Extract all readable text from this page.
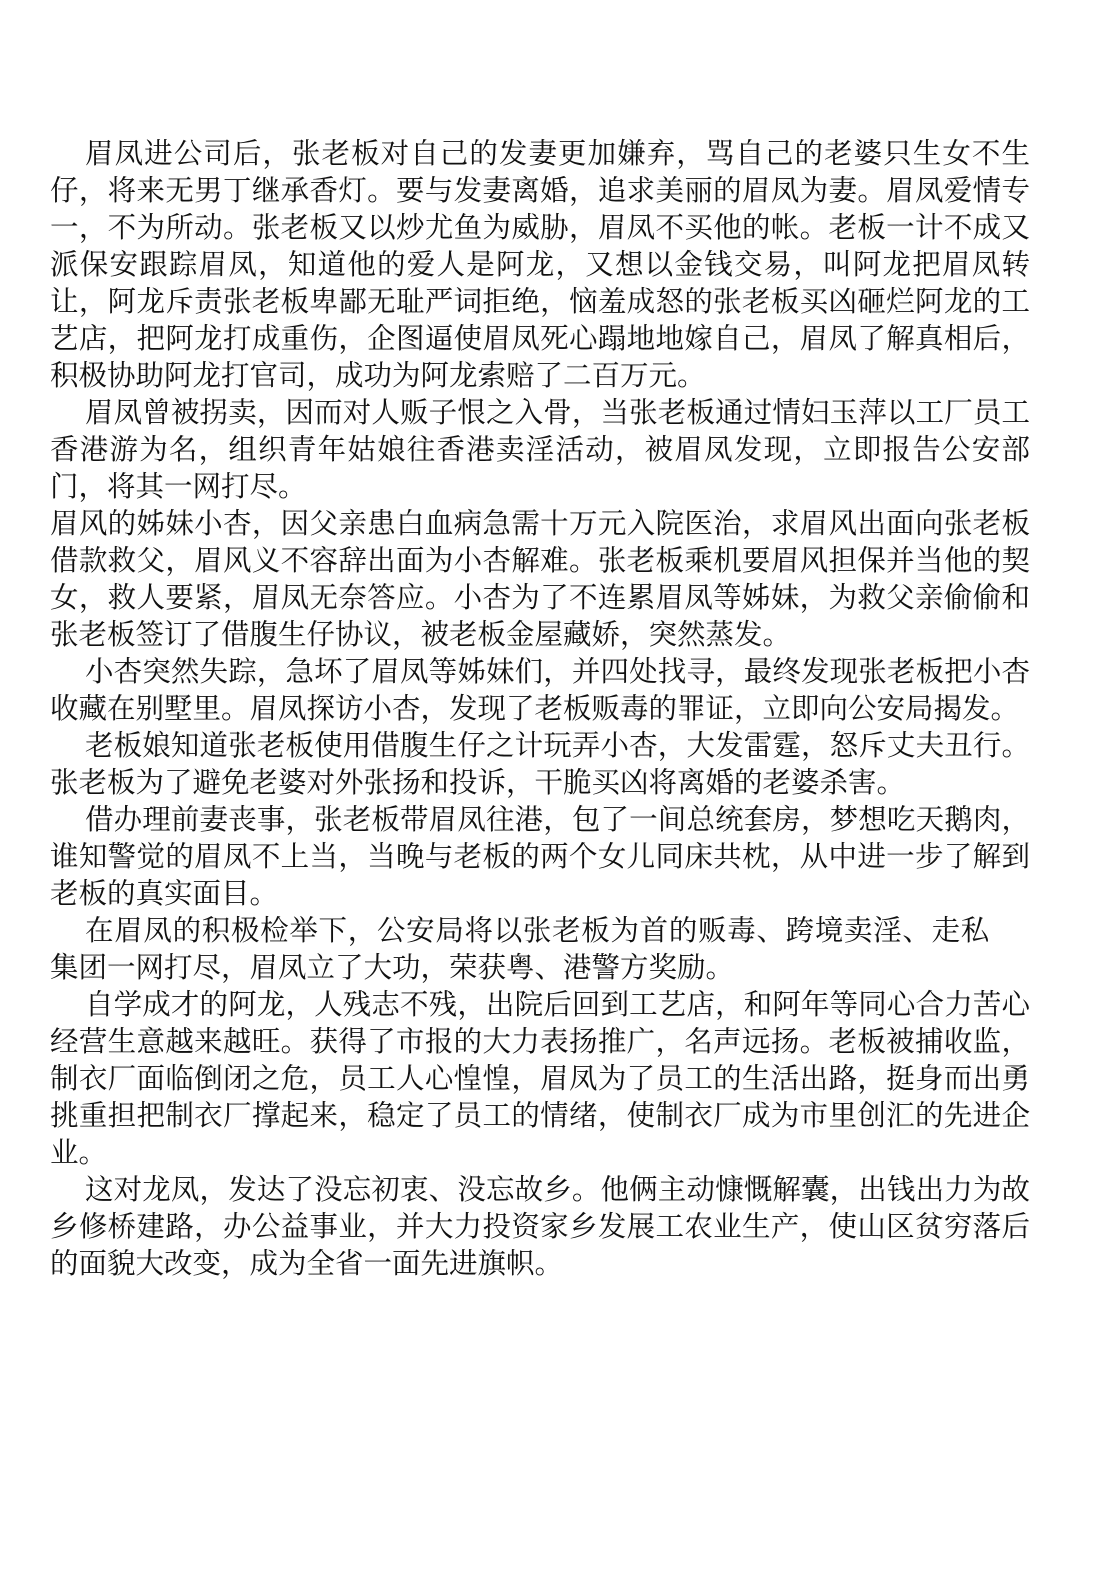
眉凤进公司后，张老板对自己的发妻更加嫌弃，骂自己的老婆只生女不生仔，将来无男丁继承香灯。要与发妻离婚，追求美丽的眉凤为妻。眉凤爱情专一，不为所动。张老板又以炒尤鱼为威胁，眉凤不买他的帐。老板一计不成又派保安跟踪眉凤，知道他的爱人是阿龙，又想以金钱交易，叫阿龙把眉凤转让，阿龙斥责张老板卑鄙无耻严词拒绝，恼羞成怒的张老板买凶砸烂阿龙的工艺店，把阿龙打成重伤，企图逼使眉凤死心蹋地地嫁自己，眉凤了解真相后，积极协助阿龙打官司，成功为阿龙索赔了二百万元。

眉凤曾被拐卖，因而对人贩子恨之入骨，当张老板通过情妇玉萍以工厂员工香港游为名，组织青年姑娘往香港卖淫活动，被眉凤发现，立即报告公安部门，将其一网打尽。

眉风的姊妹小杏，因父亲患白血病急需十万元入院医治，求眉风出面向张老板借款救父，眉风义不容辞出面为小杏解难。张老板乘机要眉风担保并当他的契女，救人要紧，眉凤无奈答应。小杏为了不连累眉凤等姊妹，为救父亲偷偷和张老板签订了借腹生仔协议，被老板金屋藏娇，突然蒸发。

小杏突然失踪，急坏了眉凤等姊妹们，并四处找寻，最终发现张老板把小杏收藏在别墅里。眉凤探访小杏，发现了老板贩毒的罪证，立即向公安局揭发。

老板娘知道张老板使用借腹生仔之计玩弄小杏，大发雷霆，怒斥丈夫丑行。张老板为了避免老婆对外张扬和投诉，干脆买凶将离婚的老婆杀害。

借办理前妻丧事，张老板带眉凤往港，包了一间总统套房，梦想吃天鹅肉，谁知警觉的眉凤不上当，当晚与老板的两个女儿同床共枕，从中进一步了解到老板的真实面目。

在眉凤的积极检举下，公安局将以张老板为首的贩毒、跨境卖淫、走私集团一网打尽，眉凤立了大功，荣获粤、港警方奖励。

自学成才的阿龙，人残志不残，出院后回到工艺店，和阿年等同心合力苦心经营生意越来越旺。获得了市报的大力表扬推广，名声远扬。老板被捕收监，制衣厂面临倒闭之危，员工人心惶惶，眉凤为了员工的生活出路，挺身而出勇挑重担把制衣厂撑起来，稳定了员工的情绪，使制衣厂成为市里创汇的先进企业。

这对龙凤，发达了没忘初衷、没忘故乡。他俩主动慷慨解囊，出钱出力为故乡修桥建路，办公益事业，并大力投资家乡发展工农业生产，使山区贫穷落后的面貌大改变，成为全省一面先进旗帜。
